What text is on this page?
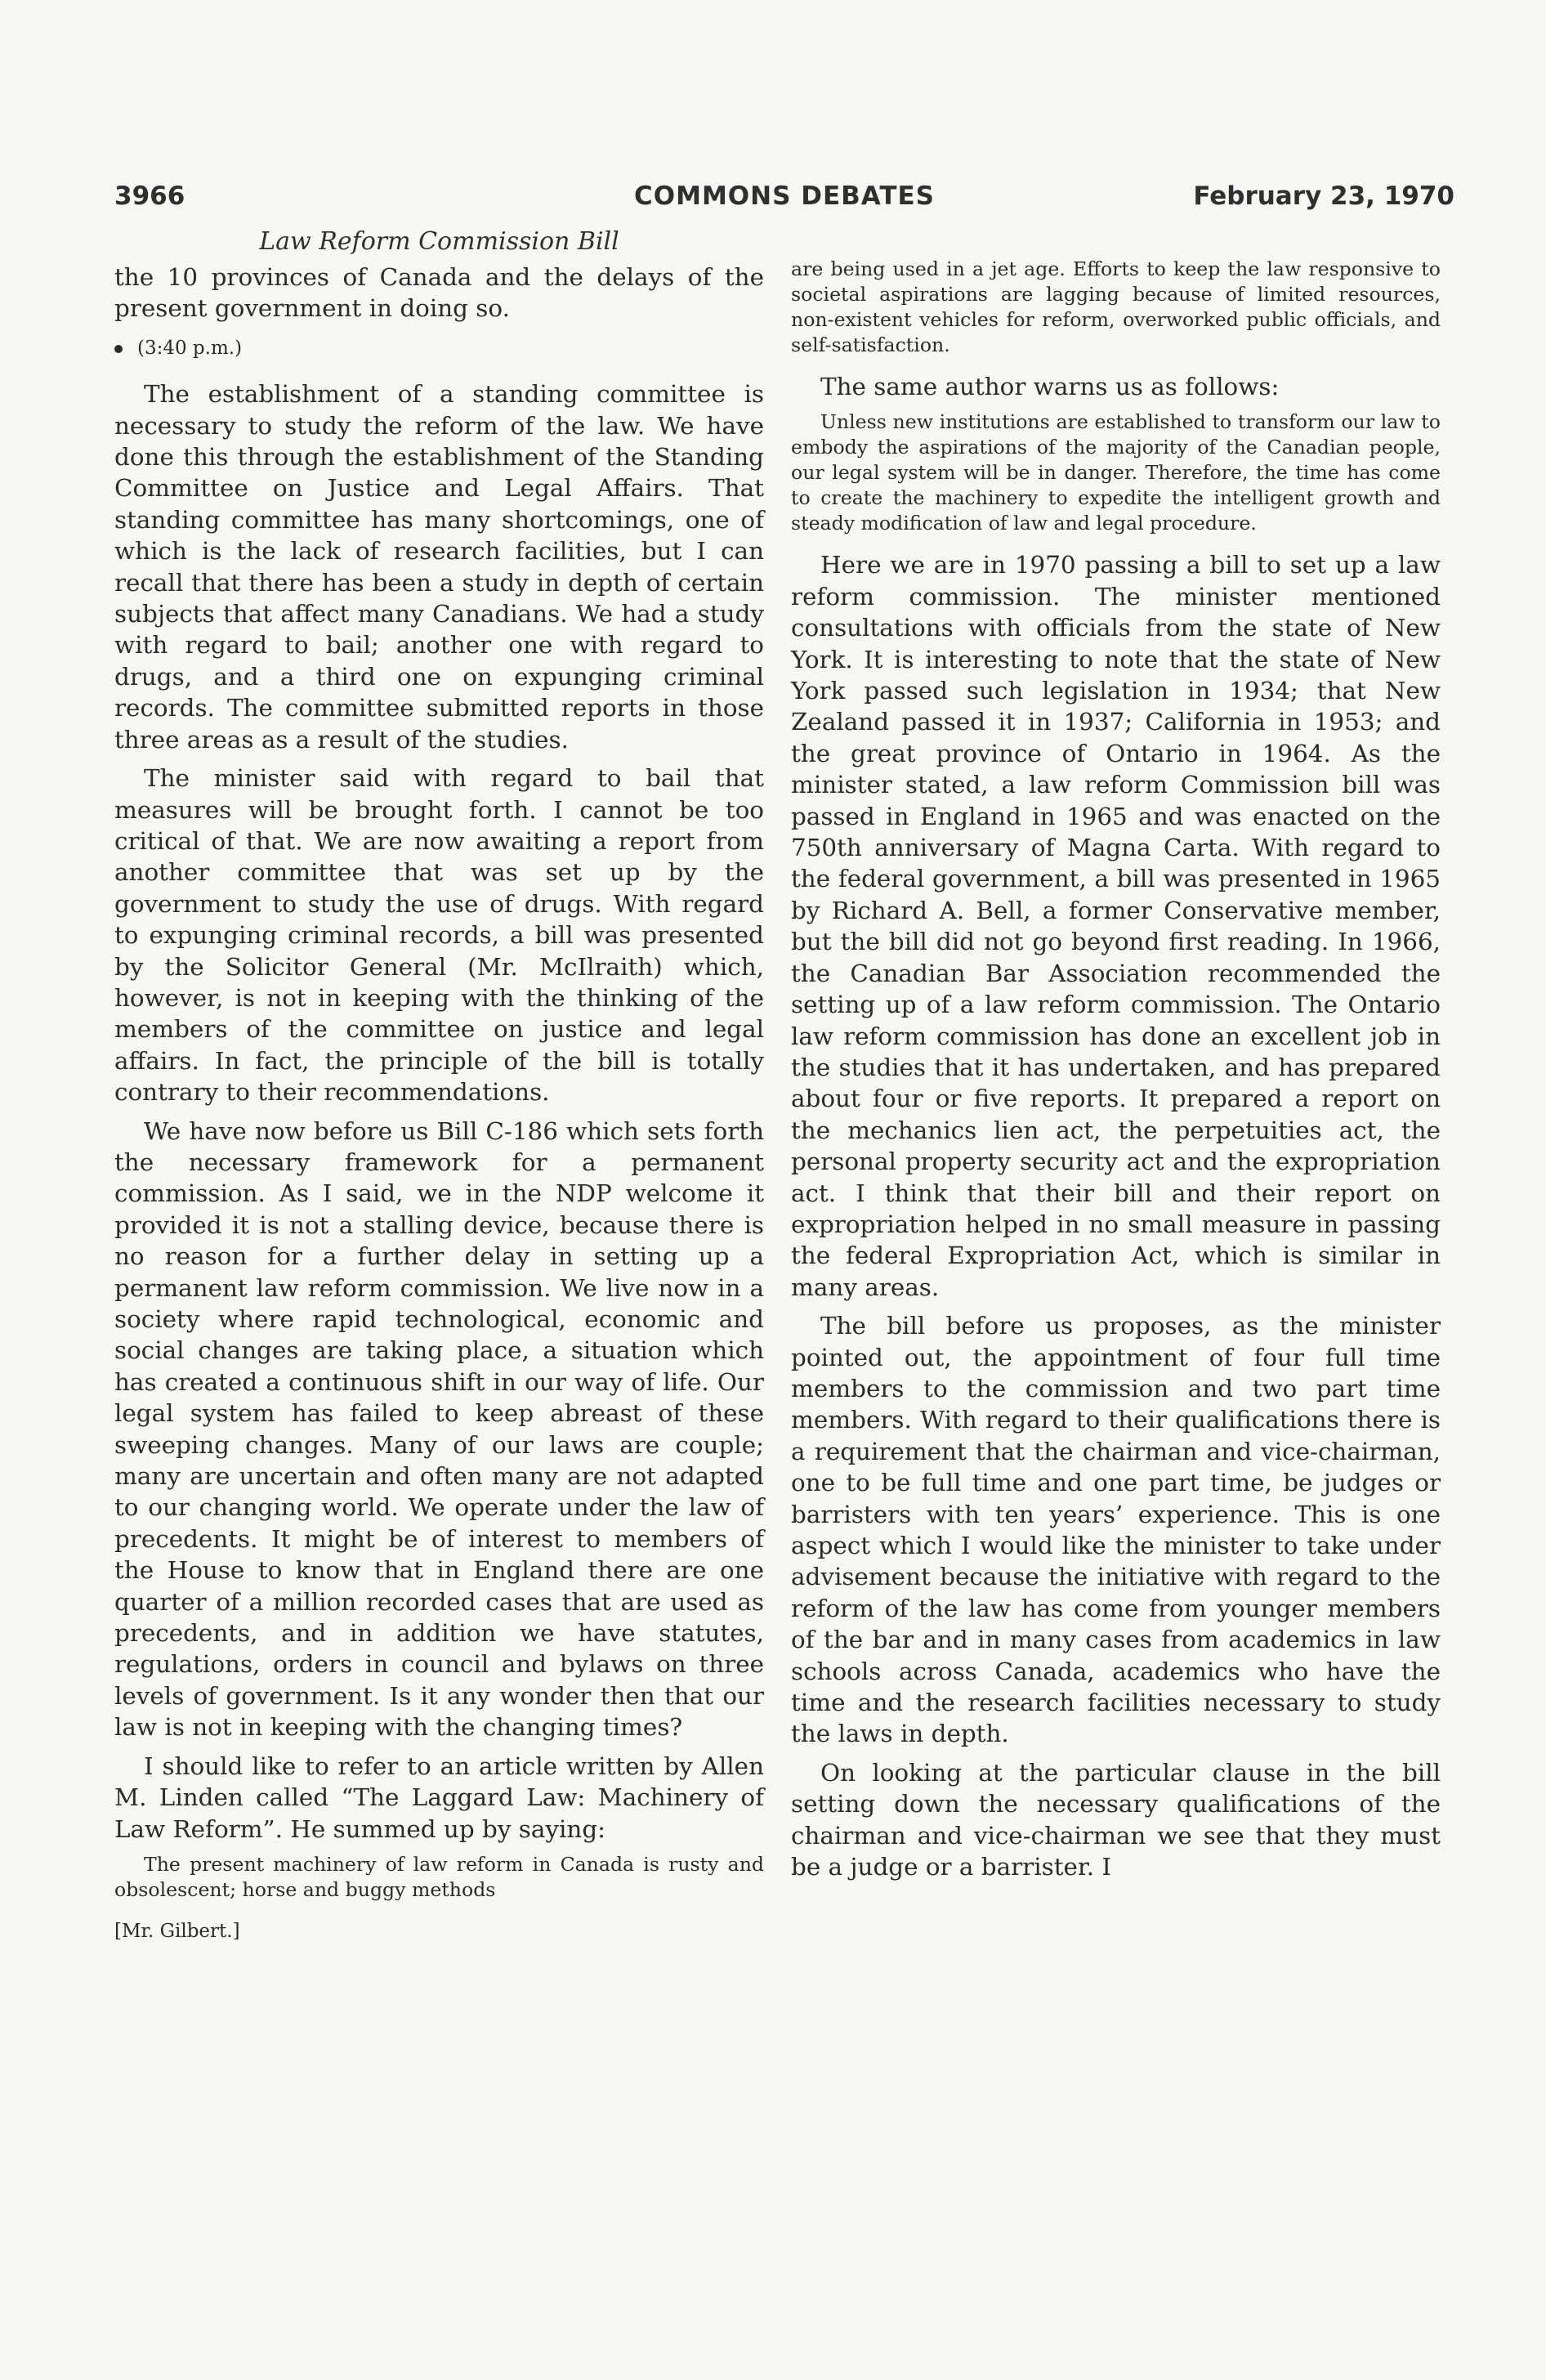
3966	COMMONS DEBATES	February 23, 1970
Law Reform Commission Bill

the 10 provinces of Canada and the delays of the present government in doing so.

(3:40 p.m.)

The establishment of a standing committee is necessary to study the reform of the law. We have done this through the establishment of the Standing Committee on Justice and Legal Affairs. That standing committee has many shortcomings, one of which is the lack of research facilities, but I can recall that there has been a study in depth of certain subjects that affect many Canadians. We had a study with regard to bail; another one with regard to drugs, and a third one on expunging criminal records. The committee submitted reports in those three areas as a result of the studies.

The minister said with regard to bail that measures will be brought forth. I cannot be too critical of that. We are now awaiting a report from another committee that was set up by the government to study the use of drugs. With regard to expunging criminal records, a bill was presented by the Solicitor General (Mr. McIlraith) which, however, is not in keeping with the thinking of the members of the committee on justice and legal affairs. In fact, the principle of the bill is totally contrary to their recommendations.

We have now before us Bill C-186 which sets forth the necessary framework for a permanent commission. As I said, we in the NDP welcome it provided it is not a stalling device, because there is no reason for a further delay in setting up a permanent law reform commission. We live now in a society where rapid technological, economic and social changes are taking place, a situation which has created a continuous shift in our way of life. Our legal system has failed to keep abreast of these sweeping changes. Many of our laws are couple; many are uncertain and often many are not adapted to our changing world. We operate under the law of precedents. It might be of interest to members of the House to know that in England there are one quarter of a million recorded cases that are used as precedents, and in addition we have statutes, regulations, orders in council and bylaws on three levels of government. Is it any wonder then that our law is not in keeping with the changing times?

I should like to refer to an article written by Allen M. Linden called “The Laggard Law: Machinery of Law Reform”. He summed up by saying:

The present machinery of law reform in Canada is rusty and obsolescent; horse and buggy methods
[Mr. Gilbert.]
are being used in a jet age. Efforts to keep the law responsive to societal aspirations are lagging because of limited resources, non-existent vehicles for reform, overworked public officials, and self-satisfaction.

The same author warns us as follows:

Unless new institutions are established to transform our law to embody the aspirations of the majority of the Canadian people, our legal system will be in danger. Therefore, the time has come to create the machinery to expedite the intelligent growth and steady modification of law and legal procedure.

Here we are in 1970 passing a bill to set up a law reform commission. The minister mentioned consultations with officials from the state of New York. It is interesting to note that the state of New York passed such legislation in 1934; that New Zealand passed it in 1937; California in 1953; and the great province of Ontario in 1964. As the minister stated, a law reform Commission bill was passed in England in 1965 and was enacted on the 750th anniversary of Magna Carta. With regard to the federal government, a bill was presented in 1965 by Richard A. Bell, a former Conservative member, but the bill did not go beyond first reading. In 1966, the Canadian Bar Association recommended the setting up of a law reform commission. The Ontario law reform commission has done an excellent job in the studies that it has undertaken, and has prepared about four or five reports. It prepared a report on the mechanics lien act, the perpetuities act, the personal property security act and the expropriation act. I think that their bill and their report on expropriation helped in no small measure in passing the federal Expropriation Act, which is similar in many areas.

The bill before us proposes, as the minister pointed out, the appointment of four full time members to the commission and two part time members. With regard to their qualifications there is a requirement that the chairman and vice-chairman, one to be full time and one part time, be judges or barristers with ten years’ experience. This is one aspect which I would like the minister to take under advisement because the initiative with regard to the reform of the law has come from younger members of the bar and in many cases from academics in law schools across Canada, academics who have the time and the research facilities necessary to study the laws in depth.

On looking at the particular clause in the bill setting down the necessary qualifications of the chairman and vice-chairman we see that they must be a judge or a barrister. I
